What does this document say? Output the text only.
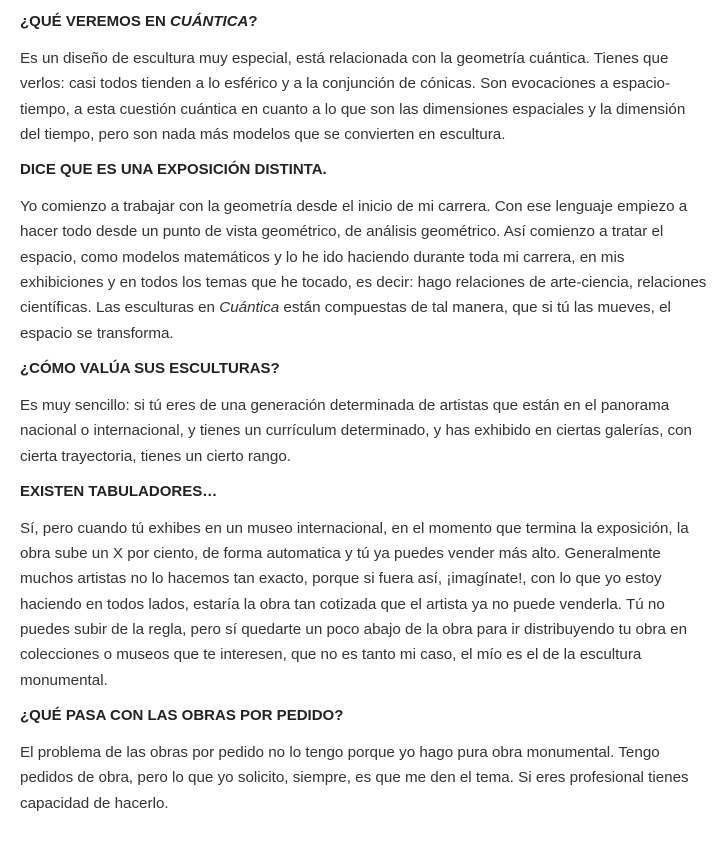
¿QUÉ VEREMOS EN CUÁNTICA?

Es un diseño de escultura muy especial, está relacionada con la geometría cuántica. Tienes que verlos: casi todos tienden a lo esférico y a la conjunción de cónicas. Son evocaciones a espacio-tiempo, a esta cuestión cuántica en cuanto a lo que son las dimensiones espaciales y la dimensión del tiempo, pero son nada más modelos que se convierten en escultura.

DICE QUE ES UNA EXPOSICIÓN DISTINTA.

Yo comienzo a trabajar con la geometría desde el inicio de mi carrera. Con ese lenguaje empiezo a hacer todo desde un punto de vista geométrico, de análisis geométrico. Así comienzo a tratar el espacio, como modelos matemáticos y lo he ido haciendo durante toda mi carrera, en mis exhibiciones y en todos los temas que he tocado, es decir: hago relaciones de arte-ciencia, relaciones científicas. Las esculturas en Cuántica están compuestas de tal manera, que si tú las mueves, el espacio se transforma.

¿CÓMO VALÚA SUS ESCULTURAS?

Es muy sencillo: si tú eres de una generación determinada de artistas que están en el panorama nacional o internacional, y tienes un currículum determinado, y has exhibido en ciertas galerías, con cierta trayectoria, tienes un cierto rango.

EXISTEN TABULADORES…

Sí, pero cuando tú exhibes en un museo internacional, en el momento que termina la exposición, la obra sube un X por ciento, de forma automatica y tú ya puedes vender más alto. Generalmente muchos artistas no lo hacemos tan exacto, porque si fuera así, ¡imagínate!, con lo que yo estoy haciendo en todos lados, estaría la obra tan cotizada que el artista ya no puede venderla. Tú no puedes subir de la regla, pero sí quedarte un poco abajo de la obra para ir distribuyendo tu obra en colecciones o museos que te interesen, que no es tanto mi caso, el mío es el de la escultura monumental.

¿QUÉ PASA CON LAS OBRAS POR PEDIDO?

El problema de las obras por pedido no lo tengo porque yo hago pura obra monumental. Tengo pedidos de obra, pero lo que yo solicito, siempre, es que me den el tema. Si eres profesional tienes capacidad de hacerlo.
